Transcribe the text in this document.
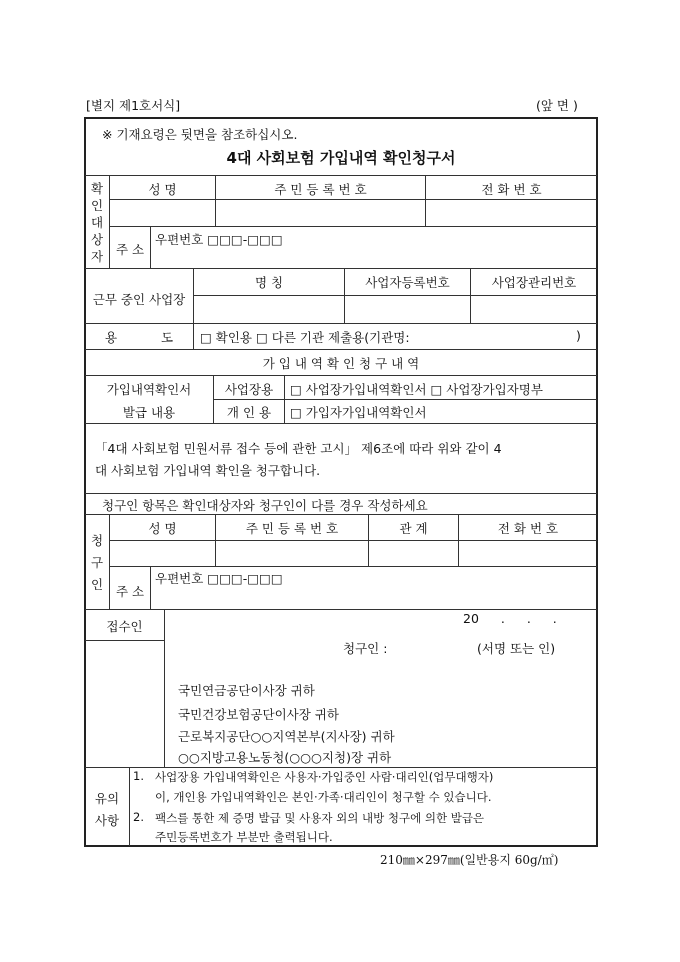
[별지 제1호서식]	(앞 면 )
※ 기재요령은 뒷면을 참조하십시오.
4대 사회보험 가입내역 확인청구서
확인대상자
성 명	주 민 등 록 번 호	전 화 번 호
주 소
우편번호 □□□-□□□
근무 중인 사업장
명 칭	사업자등록번호	사업장관리번호
용 도	□ 확인용 □ 다른 기관 제출용(기관명:	)
가 입 내 역 확 인 청 구 내 역
가입내역확인서
발급 내용
사업장용	□ 사업장가입내역확인서 □ 사업장가입자명부
개 인 용	□ 가입자가입내역확인서
「4대 사회보험 민원서류 접수 등에 관한 고시」 제6조에 따라 위와 같이 4
대 사회보험 가입내역 확인을 청구합니다.
청구인 항목은 확인대상자와 청구인이 다를 경우 작성하세요
청구인
성 명	주 민 등 록 번 호	관 계	전 화 번 호
주 소
우편번호 □□□-□□□
접수인
20 . . .
청구인 :	(서명 또는 인)
국민연금공단이사장 귀하
국민건강보험공단이사장 귀하
근로복지공단○○지역본부(지사장) 귀하
○○지방고용노동청(○○○지청)장 귀하
유의
사항
1. 사업장용 가입내역확인은 사용자·가입중인 사람·대리인(업무대행자)
이, 개인용 가입내역확인은 본인·가족·대리인이 청구할 수 있습니다.
2. 팩스를 통한 제 증명 발급 및 사용자 외의 내방 청구에 의한 발급은
주민등록번호가 부분만 출력됩니다.
210㎜×297㎜(일반용지 60g/㎡)
